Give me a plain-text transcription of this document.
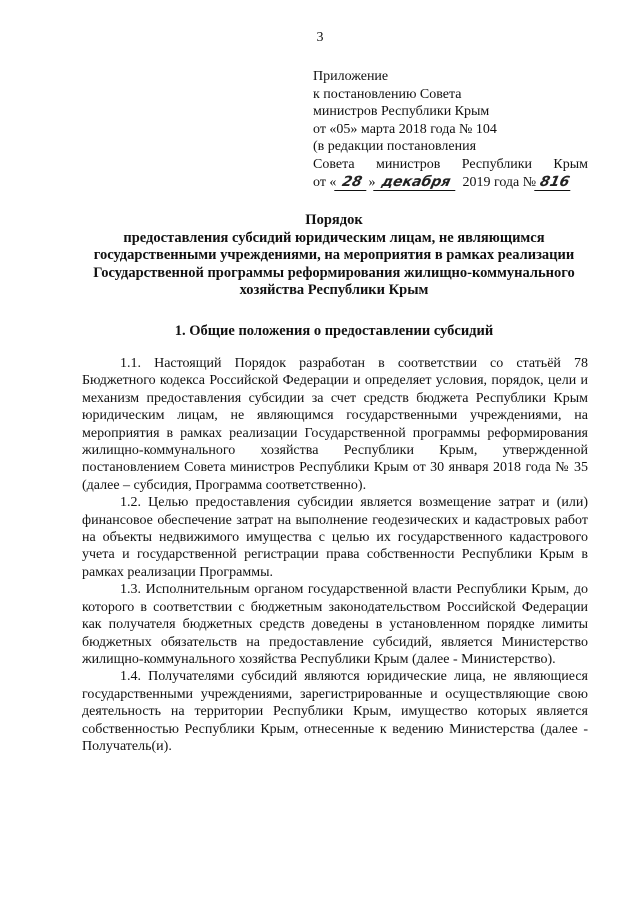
3
Приложение
к постановлению Совета
министров Республики Крым
от «05» марта 2018 года № 104
(в редакции постановления
Совета министров Республики Крым
от « 28 » декабря 2019 года № 816
Порядок
предоставления субсидий юридическим лицам, не являющимся
государственными учреждениями, на мероприятия в рамках реализации
Государственной программы реформирования жилищно-коммунального
хозяйства Республики Крым
1. Общие положения о предоставлении субсидий

1.1. Настоящий Порядок разработан в соответствии со статьёй 78 Бюджетного кодекса Российской Федерации и определяет условия, порядок, цели и механизм предоставления субсидии за счет средств бюджета Республики Крым юридическим лицам, не являющимся государственными учреждениями, на мероприятия в рамках реализации Государственной программы реформирования жилищно-коммунального хозяйства Республики Крым, утвержденной постановлением Совета министров Республики Крым от 30 января 2018 года № 35 (далее – субсидия, Программа соответственно).

1.2. Целью предоставления субсидии является возмещение затрат и (или) финансовое обеспечение затрат на выполнение геодезических и кадастровых работ на объекты недвижимого имущества с целью их государственного кадастрового учета и государственной регистрации права собственности Республики Крым в рамках реализации Программы.

1.3. Исполнительным органом государственной власти Республики Крым, до которого в соответствии с бюджетным законодательством Российской Федерации как получателя бюджетных средств доведены в установленном порядке лимиты бюджетных обязательств на предоставление субсидий, является Министерство жилищно-коммунального хозяйства Республики Крым (далее - Министерство).

1.4. Получателями субсидий являются юридические лица, не являющиеся государственными учреждениями, зарегистрированные и осуществляющие свою деятельность на территории Республики Крым, имущество которых является собственностью Республики Крым, отнесенные к ведению Министерства (далее - Получатель(и).
